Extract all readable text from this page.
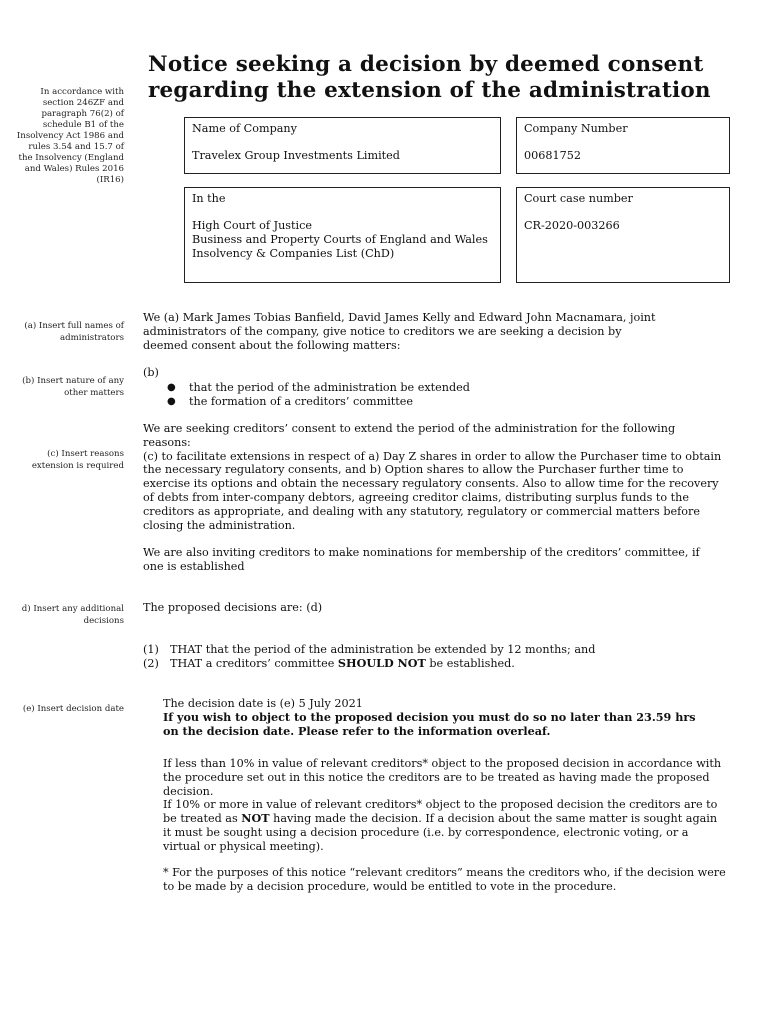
Notice seeking a decision by deemed consent
regarding the extension of the administration
In accordance with
section 246ZF and
paragraph 76(2) of
schedule B1 of the
Insolvency Act 1986 and
rules 3.54 and 15.7 of
the Insolvency (England
and Wales) Rules 2016
(IR16)
(a) Insert full names of
administrators
(b) Insert nature of any
other matters
(c) Insert reasons
extension is required
d) Insert any additional
decisions
(e) Insert decision date
Name of Company
Travelex Group Investments Limited
Company Number
00681752
In the
High Court of Justice
Business and Property Courts of England and Wales
Insolvency & Companies List (ChD)
Court case number
CR-2020-003266
We (a) Mark James Tobias Banfield, David James Kelly and Edward John Macnamara, joint
administrators of the company, give notice to creditors we are seeking a decision by
deemed consent about the following matters:
(b)
● that the period of the administration be extended
● the formation of a creditors’ committee
We are seeking creditors’ consent to extend the period of the administration for the following
reasons:
(c) to facilitate extensions in respect of a) Day Z shares in order to allow the Purchaser time to obtain
the necessary regulatory consents, and b) Option shares to allow the Purchaser further time to
exercise its options and obtain the necessary regulatory consents. Also to allow time for the recovery
of debts from inter-company debtors, agreeing creditor claims, distributing surplus funds to the
creditors as appropriate, and dealing with any statutory, regulatory or commercial matters before
closing the administration.
We are also inviting creditors to make nominations for membership of the creditors’ committee, if
one is established
The proposed decisions are: (d)
(1) THAT that the period of the administration be extended by 12 months; and
(2) THAT a creditors’ committee SHOULD NOT be established.
The decision date is (e) 5 July 2021
If you wish to object to the proposed decision you must do so no later than 23.59 hrs
on the decision date. Please refer to the information overleaf.
If less than 10% in value of relevant creditors* object to the proposed decision in accordance with
the procedure set out in this notice the creditors are to be treated as having made the proposed
decision.
If 10% or more in value of relevant creditors* object to the proposed decision the creditors are to
be treated as NOT having made the decision. If a decision about the same matter is sought again
it must be sought using a decision procedure (i.e. by correspondence, electronic voting, or a
virtual or physical meeting).
* For the purposes of this notice “relevant creditors” means the creditors who, if the decision were
to be made by a decision procedure, would be entitled to vote in the procedure.
